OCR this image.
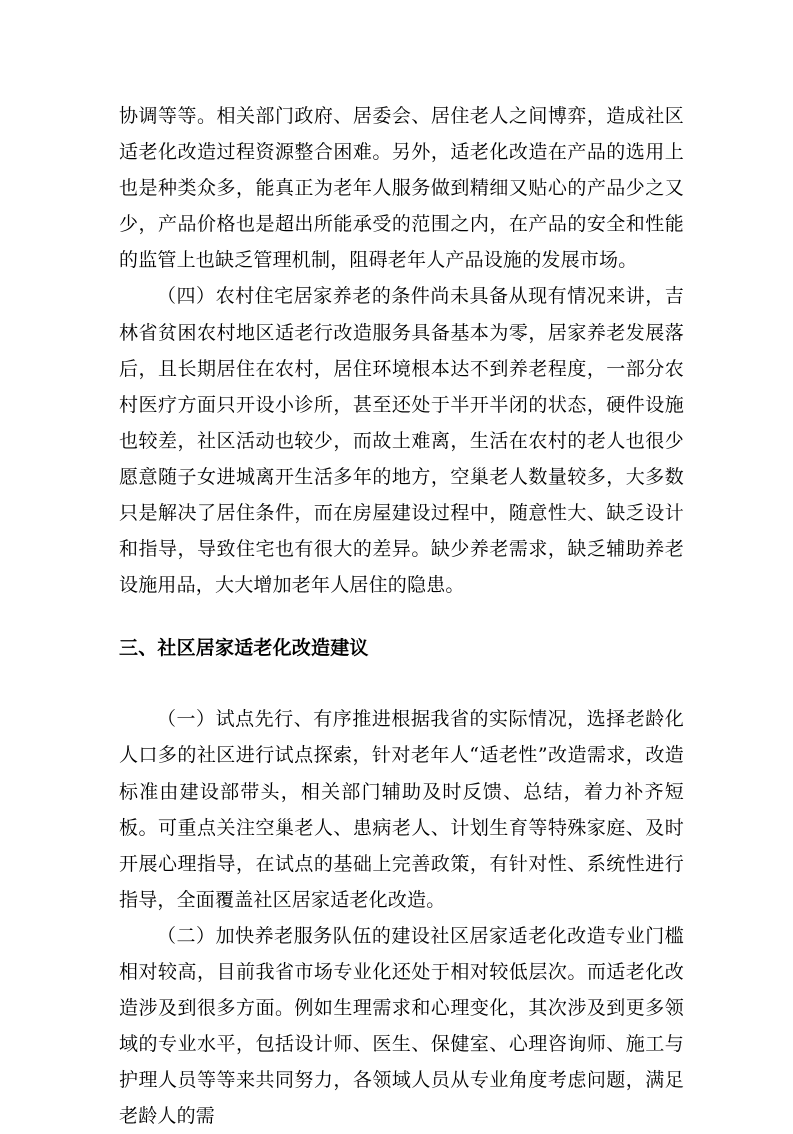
协调等等。相关部门政府、居委会、居住老人之间博弈，造成社区适老化改造过程资源整合困难。另外，适老化改造在产品的选用上也是种类众多，能真正为老年人服务做到精细又贴心的产品少之又少，产品价格也是超出所能承受的范围之内，在产品的安全和性能的监管上也缺乏管理机制，阻碍老年人产品设施的发展市场。

（四）农村住宅居家养老的条件尚未具备从现有情况来讲，吉林省贫困农村地区适老行改造服务具备基本为零，居家养老发展落后，且长期居住在农村，居住环境根本达不到养老程度，一部分农村医疗方面只开设小诊所，甚至还处于半开半闭的状态，硬件设施也较差，社区活动也较少，而故土难离，生活在农村的老人也很少愿意随子女进城离开生活多年的地方，空巢老人数量较多，大多数只是解决了居住条件，而在房屋建设过程中，随意性大、缺乏设计和指导，导致住宅也有很大的差异。缺少养老需求，缺乏辅助养老设施用品，大大增加老年人居住的隐患。

三、社区居家适老化改造建议

（一）试点先行、有序推进根据我省的实际情况，选择老龄化人口多的社区进行试点探索，针对老年人“适老性”改造需求，改造标准由建设部带头，相关部门辅助及时反馈、总结，着力补齐短板。可重点关注空巢老人、患病老人、计划生育等特殊家庭、及时开展心理指导，在试点的基础上完善政策，有针对性、系统性进行指导，全面覆盖社区居家适老化改造。

（二）加快养老服务队伍的建设社区居家适老化改造专业门槛相对较高，目前我省市场专业化还处于相对较低层次。而适老化改造涉及到很多方面。例如生理需求和心理变化，其次涉及到更多领域的专业水平，包括设计师、医生、保健室、心理咨询师、施工与护理人员等等来共同努力，各领域人员从专业角度考虑问题，满足老龄人的需
